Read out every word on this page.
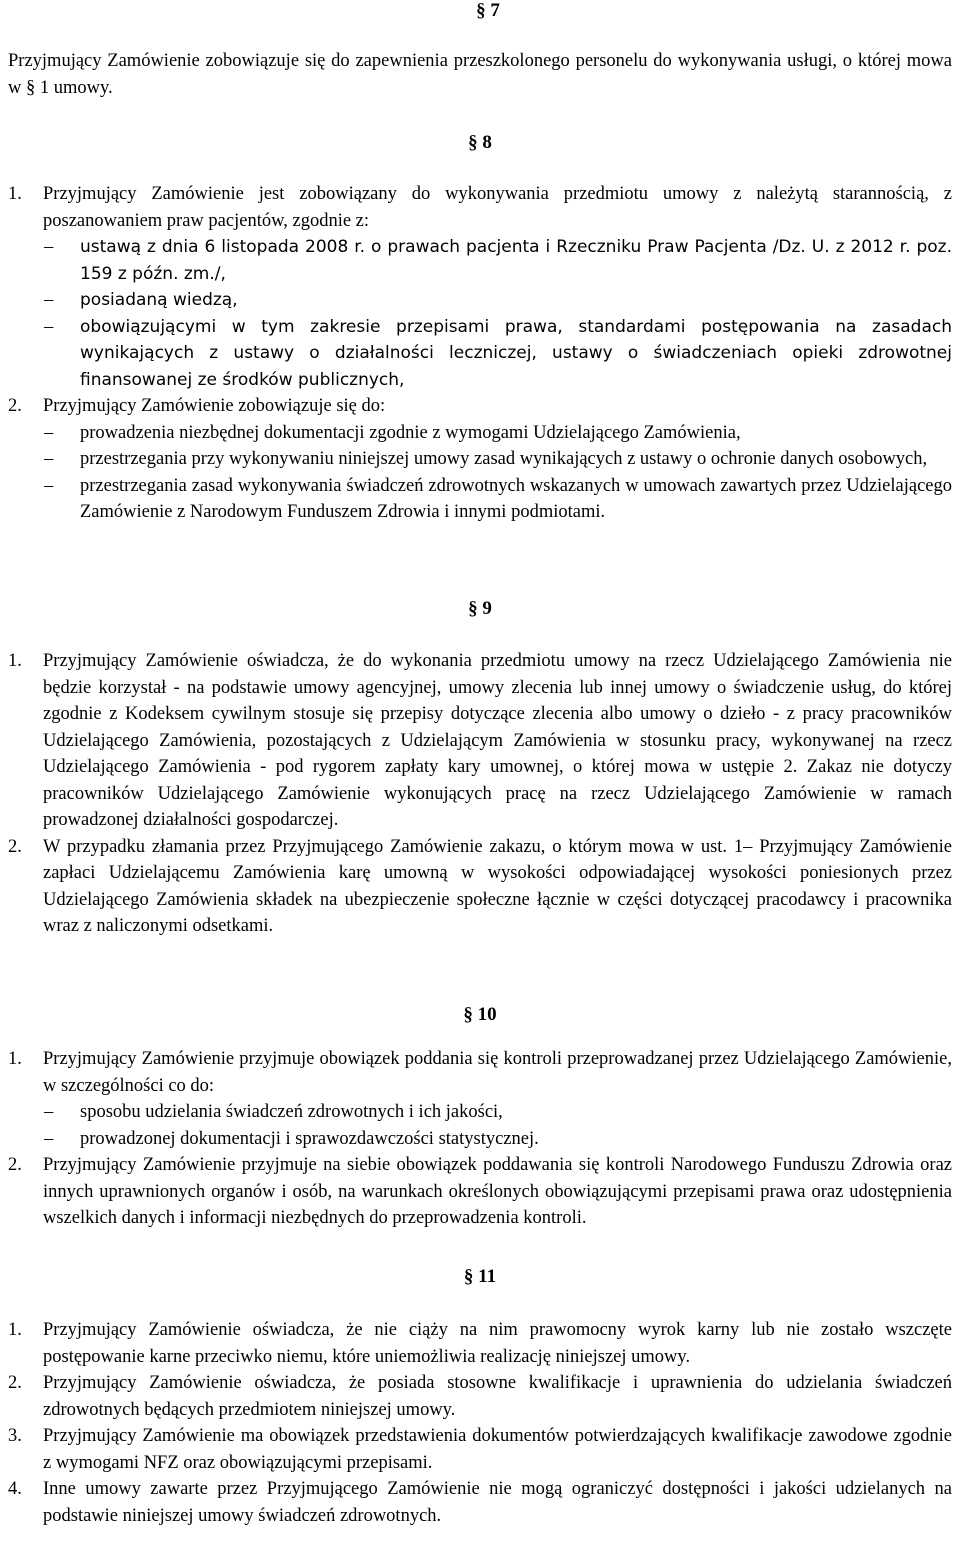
§ 7
Przyjmujący Zamówienie zobowiązuje się do zapewnienia przeszkolonego personelu do wykonywania usługi, o której mowa w § 1 umowy.
§ 8
1. Przyjmujący Zamówienie jest zobowiązany do wykonywania przedmiotu umowy z należytą starannością, z poszanowaniem praw pacjentów, zgodnie z:
– ustawą z dnia 6 listopada 2008 r. o prawach pacjenta i Rzeczniku Praw Pacjenta /Dz. U. z 2012 r. poz. 159 z późn. zm./,
– posiadaną wiedzą,
– obowiązującymi w tym zakresie przepisami prawa, standardami postępowania na zasadach wynikających z ustawy o działalności leczniczej, ustawy o świadczeniach opieki zdrowotnej finansowanej ze środków publicznych,
2. Przyjmujący Zamówienie zobowiązuje się do:
– prowadzenia niezbędnej dokumentacji zgodnie z wymogami Udzielającego Zamówienia,
– przestrzegania przy wykonywaniu niniejszej umowy zasad wynikających z ustawy o ochronie danych osobowych,
– przestrzegania zasad wykonywania świadczeń zdrowotnych wskazanych w umowach zawartych przez Udzielającego Zamówienie z Narodowym Funduszem Zdrowia i innymi podmiotami.
§ 9
1. Przyjmujący Zamówienie oświadcza, że do wykonania przedmiotu umowy na rzecz Udzielającego Zamówienia nie będzie korzystał - na podstawie umowy agencyjnej, umowy zlecenia lub innej umowy o świadczenie usług, do której zgodnie z Kodeksem cywilnym stosuje się przepisy dotyczące zlecenia albo umowy o dzieło - z pracy pracowników Udzielającego Zamówienia, pozostających z Udzielającym Zamówienia w stosunku pracy, wykonywanej na rzecz Udzielającego Zamówienia - pod rygorem zapłaty kary umownej, o której mowa w ustępie 2. Zakaz nie dotyczy pracowników Udzielającego Zamówienie wykonujących pracę na rzecz Udzielającego Zamówienie w ramach prowadzonej działalności gospodarczej.
2. W przypadku złamania przez Przyjmującego Zamówienie zakazu, o którym mowa w ust. 1– Przyjmujący Zamówienie zapłaci Udzielającemu Zamówienia karę umowną w wysokości odpowiadającej wysokości poniesionych przez Udzielającego Zamówienia składek na ubezpieczenie społeczne łącznie w części dotyczącej pracodawcy i pracownika wraz z naliczonymi odsetkami.
§ 10
1. Przyjmujący Zamówienie przyjmuje obowiązek poddania się kontroli przeprowadzanej przez Udzielającego Zamówienie, w szczególności co do:
– sposobu udzielania świadczeń zdrowotnych i ich jakości,
– prowadzonej dokumentacji i sprawozdawczości statystycznej.
2. Przyjmujący Zamówienie przyjmuje na siebie obowiązek poddawania się kontroli Narodowego Funduszu Zdrowia oraz innych uprawnionych organów i osób, na warunkach określonych obowiązującymi przepisami prawa oraz udostępnienia wszelkich danych i informacji niezbędnych do przeprowadzenia kontroli.
§ 11
1. Przyjmujący Zamówienie oświadcza, że nie ciąży na nim prawomocny wyrok karny lub nie zostało wszczęte postępowanie karne przeciwko niemu, które uniemożliwia realizację niniejszej umowy.
2. Przyjmujący Zamówienie oświadcza, że posiada stosowne kwalifikacje i uprawnienia do udzielania świadczeń zdrowotnych będących przedmiotem niniejszej umowy.
3. Przyjmujący Zamówienie ma obowiązek przedstawienia dokumentów potwierdzających kwalifikacje zawodowe zgodnie z wymogami NFZ oraz obowiązującymi przepisami.
4. Inne umowy zawarte przez Przyjmującego Zamówienie nie mogą ograniczyć dostępności i jakości udzielanych na podstawie niniejszej umowy świadczeń zdrowotnych.
